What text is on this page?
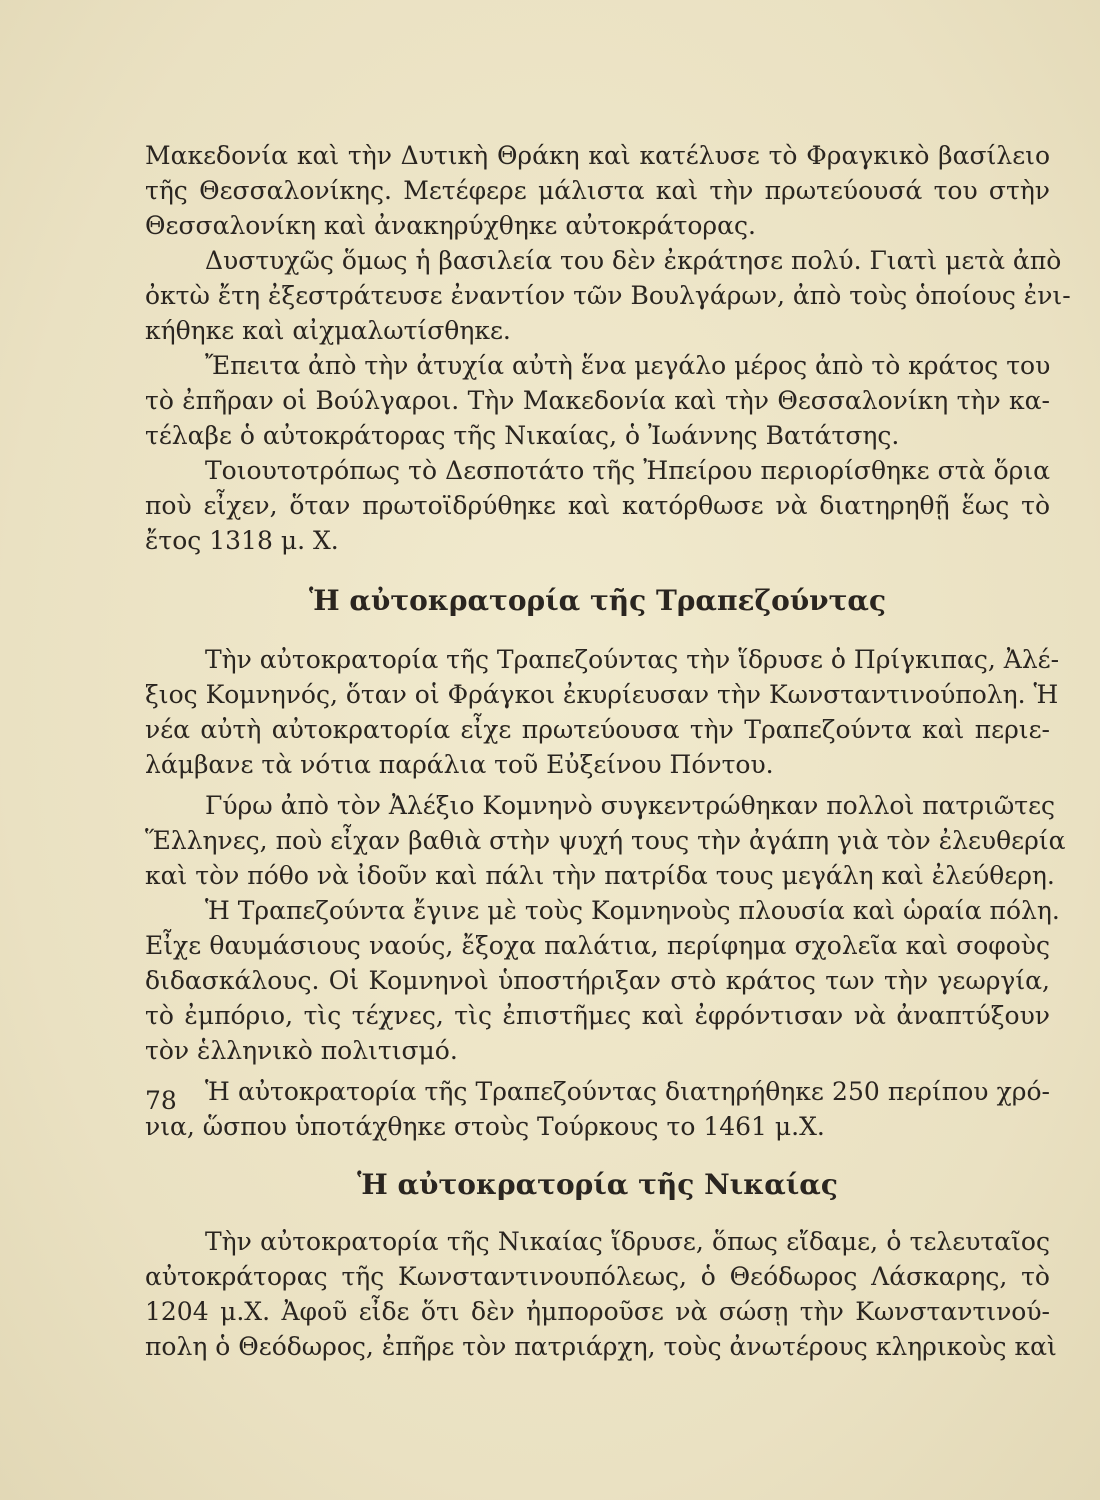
Μακεδονία καὶ τὴν Δυτικὴ Θράκη καὶ κατέλυσε τὸ Φραγκικὸ βασίλειο
τῆς Θεσσαλονίκης. Μετέφερε μάλιστα καὶ τὴν πρωτεύουσά του στὴν
Θεσσαλονίκη καὶ ἀνακηρύχθηκε αὐτοκράτορας.
Δυστυχῶς ὅμως ἡ βασιλεία του δὲν ἐκράτησε πολύ. Γιατὶ μετὰ ἀπὸ
ὀκτὼ ἔτη ἐξεστράτευσε ἐναντίον τῶν Βουλγάρων, ἀπὸ τοὺς ὁποίους ἐνι-
κήθηκε καὶ αἰχμαλωτίσθηκε.
Ἔπειτα ἀπὸ τὴν ἀτυχία αὐτὴ ἕνα μεγάλο μέρος ἀπὸ τὸ κράτος του
τὸ ἐπῆραν οἱ Βούλγαροι. Τὴν Μακεδονία καὶ τὴν Θεσσαλονίκη τὴν κα-
τέλαβε ὁ αὐτοκράτορας τῆς Νικαίας, ὁ Ἰωάννης Βατάτσης.
Τοιουτοτρόπως τὸ Δεσποτάτο τῆς Ἠπείρου περιορίσθηκε στὰ ὅρια
ποὺ εἶχεν, ὅταν πρωτοϊδρύθηκε καὶ κατόρθωσε νὰ διατηρηθῇ ἕως τὸ
ἔτος 1318 μ. Χ.
Ἡ αὐτοκρατορία τῆς Τραπεζούντας
Τὴν αὐτοκρατορία τῆς Τραπεζούντας τὴν ἵδρυσε ὁ Πρίγκιπας, Ἀλέ-
ξιος Κομνηνός, ὅταν οἱ Φράγκοι ἐκυρίευσαν τὴν Κωνσταντινούπολη. Ἡ
νέα αὐτὴ αὐτοκρατορία εἶχε πρωτεύουσα τὴν Τραπεζούντα καὶ περιε-
λάμβανε τὰ νότια παράλια τοῦ Εὐξείνου Πόντου.
Γύρω ἀπὸ τὸν Ἀλέξιο Κομνηνὸ συγκεντρώθηκαν πολλοὶ πατριῶτες
Ἕλληνες, ποὺ εἶχαν βαθιὰ στὴν ψυχή τους τὴν ἀγάπη γιὰ τὸν ἐλευθερία
καὶ τὸν πόθο νὰ ἰδοῦν καὶ πάλι τὴν πατρίδα τους μεγάλη καὶ ἐλεύθερη.
Ἡ Τραπεζούντα ἔγινε μὲ τοὺς Κομνηνοὺς πλουσία καὶ ὡραία πόλη.
Εἶχε θαυμάσιους ναούς, ἔξοχα παλάτια, περίφημα σχολεῖα καὶ σοφοὺς
διδασκάλους. Οἱ Κομνηνοὶ ὑποστήριξαν στὸ κράτος των τὴν γεωργία,
τὸ ἐμπόριο, τὶς τέχνες, τὶς ἐπιστῆμες καὶ ἐφρόντισαν νὰ ἀναπτύξουν
τὸν ἑλληνικὸ πολιτισμό.
Ἡ αὐτοκρατορία τῆς Τραπεζούντας διατηρήθηκε 250 περίπου χρό-
νια, ὥσπου ὑποτάχθηκε στοὺς Τούρκους το 1461 μ.Χ.
Ἡ αὐτοκρατορία τῆς Νικαίας
Τὴν αὐτοκρατορία τῆς Νικαίας ἵδρυσε, ὅπως εἴδαμε, ὁ τελευταῖος
αὐτοκράτορας τῆς Κωνσταντινουπόλεως, ὁ Θεόδωρος Λάσκαρης, τὸ
1204 μ.Χ. Ἀφοῦ εἶδε ὅτι δὲν ἠμποροῦσε νὰ σώσῃ τὴν Κωνσταντινού-
πολη ὁ Θεόδωρος, ἐπῆρε τὸν πατριάρχη, τοὺς ἀνωτέρους κληρικοὺς καὶ
78
